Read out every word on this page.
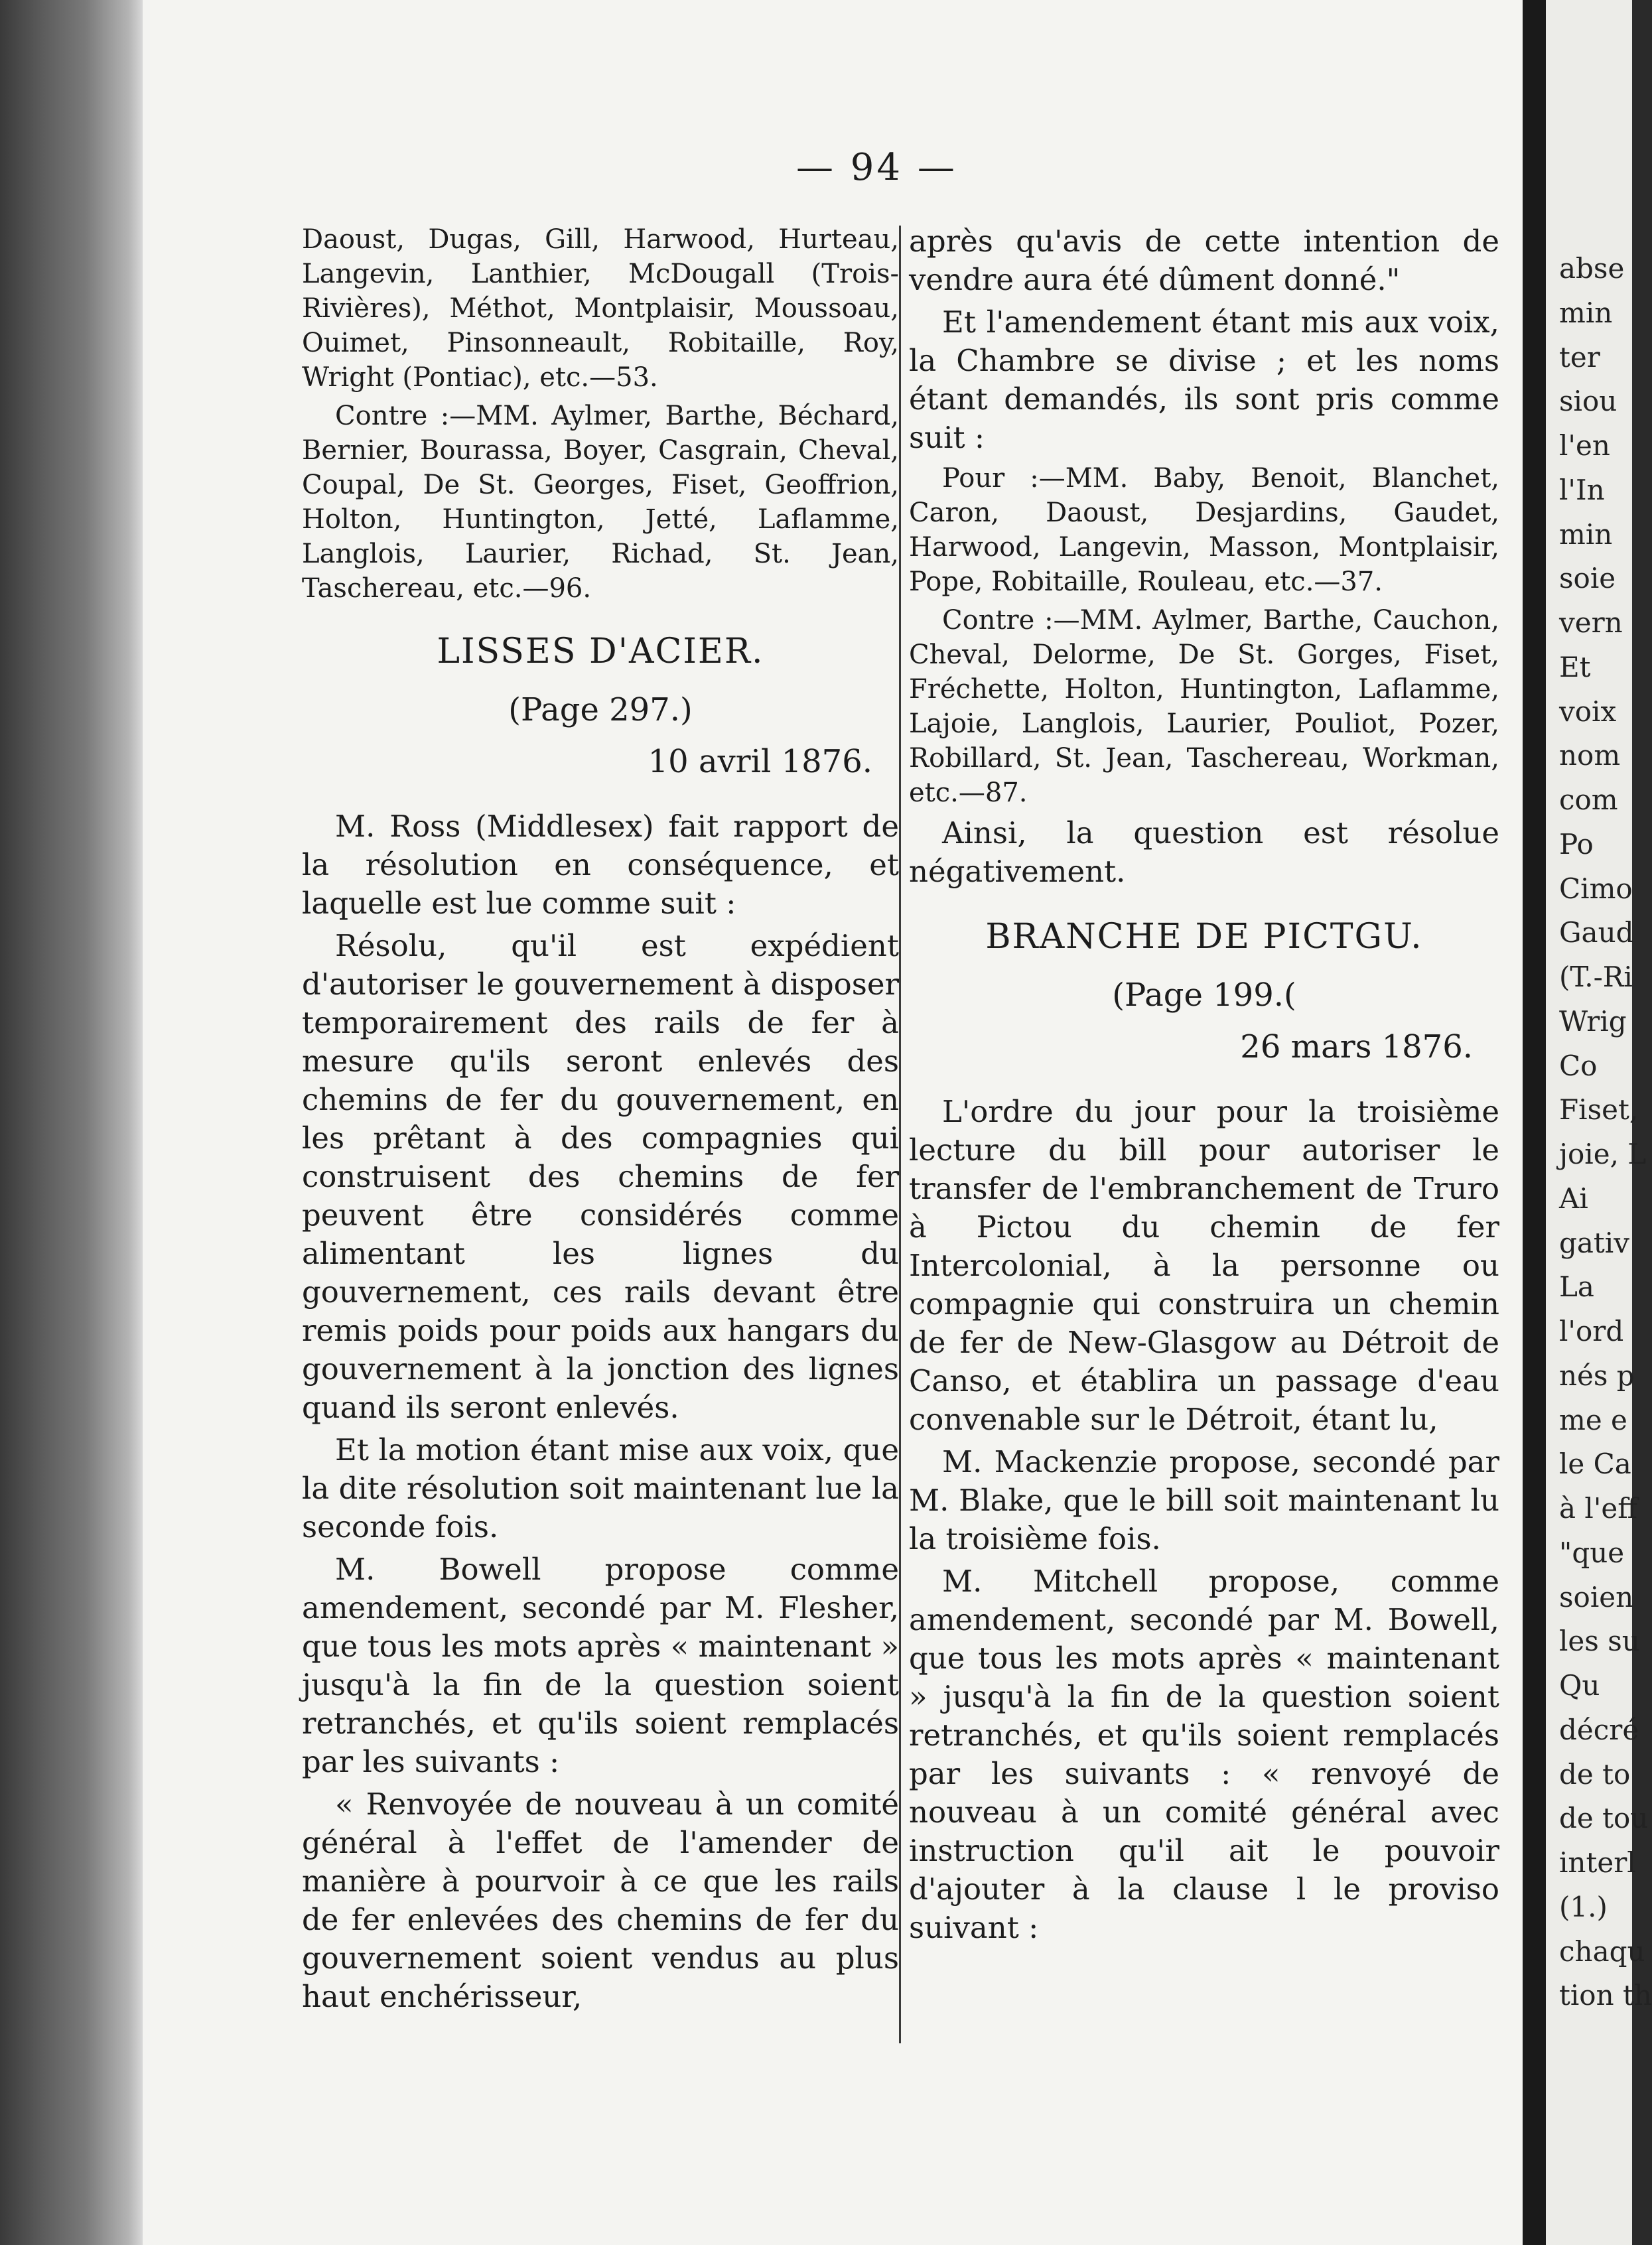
abse
min
ter
siou
l'en
l'In
min
soie
vern
Et
voix
nom
com
Po
Cimo
Gaud
(T.-Ri
Wrig
Co
Fiset,
joie, L
Ai
gativ
La
l'ord
nés p
me e
le Ca
à l'eff
"que
soien
les su
Qu
décré
de to
de tou
interl
(1.)
chaqu
tion th
— 94 —

Daoust, Dugas, Gill, Harwood, Hurteau, Langevin, Lanthier, McDougall (Trois-Rivières), Méthot, Montplaisir, Moussoau, Ouimet, Pinsonneault, Robitaille, Roy, Wright (Pontiac), etc.—53.

Contre :—MM. Aylmer, Barthe, Béchard, Bernier, Bourassa, Boyer, Casgrain, Cheval, Coupal, De St. Georges, Fiset, Geoffrion, Holton, Huntington, Jetté, Laflamme, Langlois, Laurier, Richad, St. Jean, Taschereau, etc.—96.

LISSES D'ACIER.
(Page 297.)
10 avril 1876.

M. Ross (Middlesex) fait rapport de la résolution en conséquence, et laquelle est lue comme suit :

Résolu, qu'il est expédient d'autoriser le gouvernement à disposer temporairement des rails de fer à mesure qu'ils seront enlevés des chemins de fer du gouvernement, en les prêtant à des compagnies qui construisent des chemins de fer peuvent être considérés comme alimentant les lignes du gouvernement, ces rails devant être remis poids pour poids aux hangars du gouvernement à la jonction des lignes quand ils seront enlevés.

Et la motion étant mise aux voix, que la dite résolution soit maintenant lue la seconde fois.

M. Bowell propose comme amendement, secondé par M. Flesher, que tous les mots après « maintenant » jusqu'à la fin de la question soient retranchés, et qu'ils soient remplacés par les suivants :

« Renvoyée de nouveau à un comité général à l'effet de l'amender de manière à pourvoir à ce que les rails de fer enlevées des chemins de fer du gouvernement soient vendus au plus haut enchérisseur,

après qu'avis de cette intention de vendre aura été dûment donné."

Et l'amendement étant mis aux voix, la Chambre se divise ; et les noms étant demandés, ils sont pris comme suit :

Pour :—MM. Baby, Benoit, Blanchet, Caron, Daoust, Desjardins, Gaudet, Harwood, Langevin, Masson, Montplaisir, Pope, Robitaille, Rouleau, etc.—37.

Contre :—MM. Aylmer, Barthe, Cauchon, Cheval, Delorme, De St. Gorges, Fiset, Fréchette, Holton, Huntington, Laflamme, Lajoie, Langlois, Laurier, Pouliot, Pozer, Robillard, St. Jean, Taschereau, Workman, etc.—87.

Ainsi, la question est résolue négativement.

BRANCHE DE PICTGU.
(Page 199.(
26 mars 1876.

L'ordre du jour pour la troisième lecture du bill pour autoriser le transfer de l'embranchement de Truro à Pictou du chemin de fer Intercolonial, à la personne ou compagnie qui construira un chemin de fer de New-Glasgow au Détroit de Canso, et établira un passage d'eau convenable sur le Détroit, étant lu,

M. Mackenzie propose, secondé par M. Blake, que le bill soit maintenant lu la troisième fois.

M. Mitchell propose, comme amendement, secondé par M. Bowell, que tous les mots après « maintenant » jusqu'à la fin de la question soient retranchés, et qu'ils soient remplacés par les suivants : « renvoyé de nouveau à un comité général avec instruction qu'il ait le pouvoir d'ajouter à la clause l le proviso suivant :
